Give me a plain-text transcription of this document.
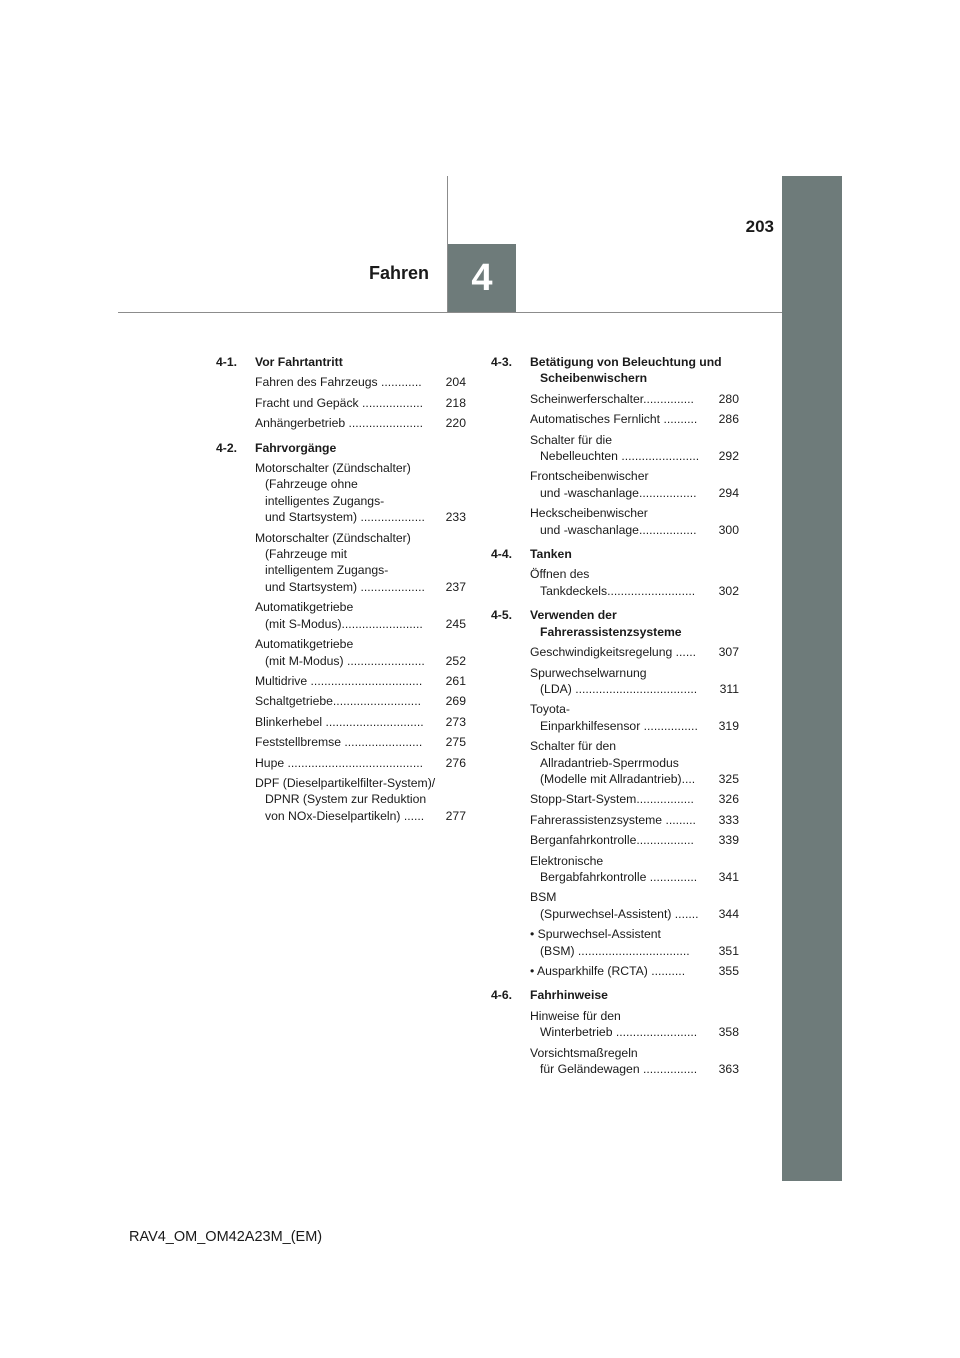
203
Fahren 4
4-1.	Vor Fahrtantritt
Fahren des Fahrzeugs ............	204
Fracht und Gepäck ..................	218
Anhängerbetrieb ......................	220
4-2.	Fahrvorgänge
Motorschalter (Zündschalter)
(Fahrzeuge ohne
intelligentes Zugangs-
und Startsystem) ...................	233
Motorschalter (Zündschalter)
(Fahrzeuge mit
intelligentem Zugangs-
und Startsystem) ...................	237
Automatikgetriebe
(mit S-Modus)........................	245
Automatikgetriebe
(mit M-Modus) .......................	252
Multidrive .................................	261
Schaltgetriebe..........................	269
Blinkerhebel .............................	273
Feststellbremse .......................	275
Hupe ........................................	276
DPF (Dieselpartikelfilter-System)/
DPNR (System zur Reduktion
von NOx-Dieselpartikeln) ......	277
4-3.	Betätigung von Beleuchtung und Scheibenwischern
Scheinwerferschalter...............	280
Automatisches Fernlicht ..........	286
Schalter für die
Nebelleuchten .......................	292
Frontscheibenwischer
und -waschanlage.................	294
Heckscheibenwischer
und -waschanlage.................	300
4-4.	Tanken
Öffnen des
Tankdeckels..........................	302
4-5.	Verwenden der Fahrerassistenzsysteme
Geschwindigkeitsregelung ......	307
Spurwechselwarnung
(LDA) ....................................	311
Toyota-
Einparkhilfesensor ................	319
Schalter für den
Allradantrieb-Sperrmodus
(Modelle mit Allradantrieb)....	325
Stopp-Start-System.................	326
Fahrerassistenzsysteme .........	333
Berganfahrkontrolle.................	339
Elektronische
Bergabfahrkontrolle ..............	341
BSM
(Spurwechsel-Assistent) .......	344
• Spurwechsel-Assistent
(BSM) .................................	351
• Ausparkhilfe (RCTA) ..........	355
4-6.	Fahrhinweise
Hinweise für den
Winterbetrieb ........................	358
Vorsichtsmaßregeln
für Geländewagen ................	363
RAV4_OM_OM42A23M_(EM)
